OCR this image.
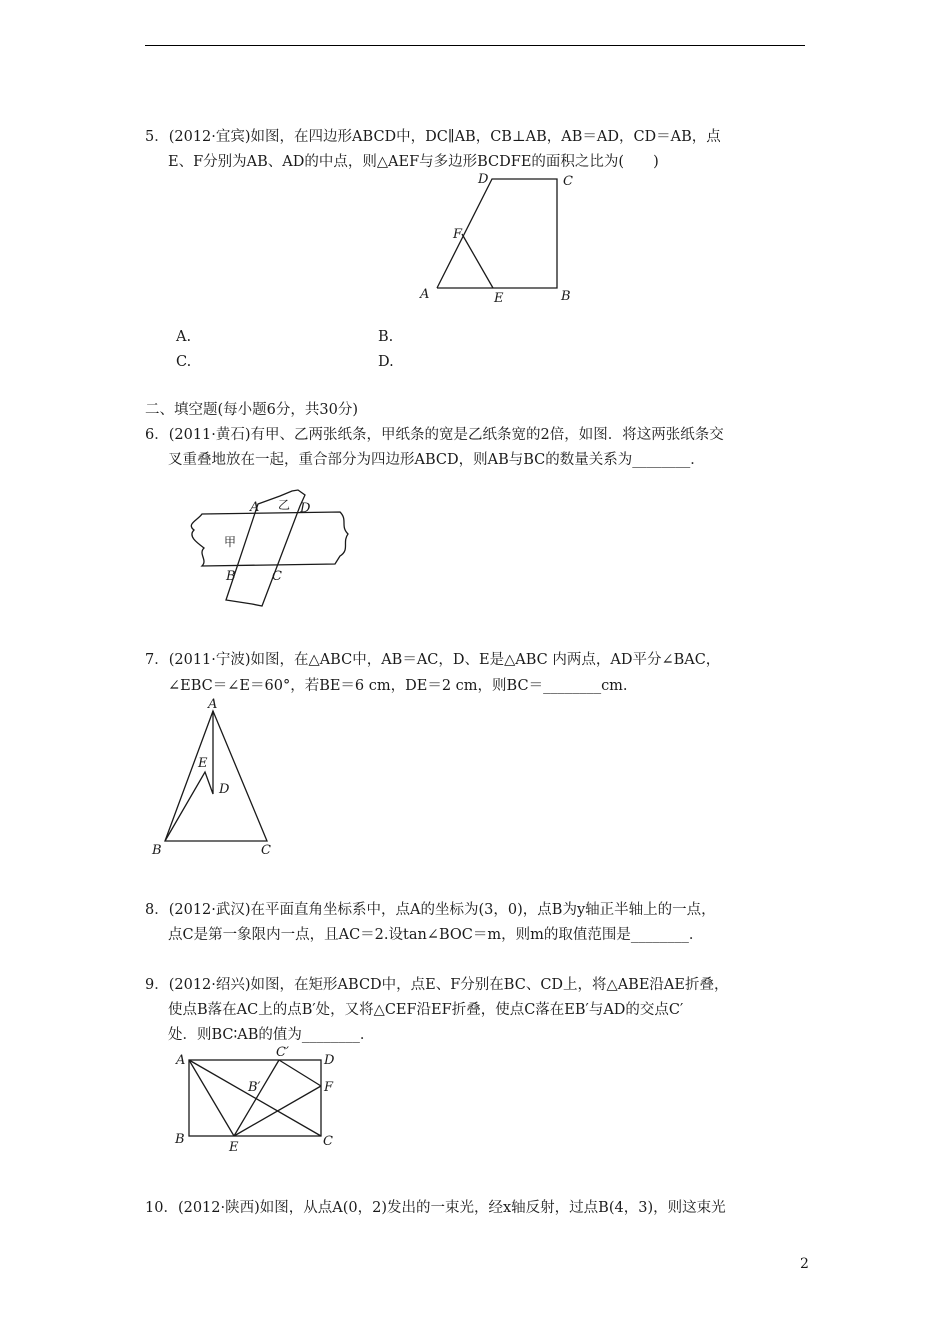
5．(2012·宜宾)如图，在四边形ABCD中，DC∥AB，CB⊥AB，AB＝AD，CD＝AB，点
E、F分别为AB、AD的中点，则△AEF与多边形BCDFE的面积之比为(　　)
A	B
C
D
E
F
A.	B.
C.	D.
二、填空题(每小题6分，共30分)
6．(2011·黄石)有甲、乙两张纸条，甲纸条的宽是乙纸条宽的2倍，如图．将这两张纸条交
叉重叠地放在一起，重合部分为四边形ABCD，则AB与BC的数量关系为________．
A 乙 D
甲
B	C
7．(2011·宁波)如图，在△ABC中，AB＝AC，D、E是△ABC 内两点，AD平分∠BAC，
∠EBC＝∠E＝60°，若BE＝6 cm，DE＝2 cm，则BC＝________cm.
A
E
D
B	C
8．(2012·武汉)在平面直角坐标系中，点A的坐标为(3，0)，点B为y轴正半轴上的一点，
点C是第一象限内一点，且AC＝2.设tan∠BOC＝m，则m的取值范围是________．
9．(2012·绍兴)如图，在矩形ABCD中，点E、F分别在BC、CD上，将△ABE沿AE折叠，
使点B落在AC上的点B′处，又将△CEF沿EF折叠，使点C落在EB′与AD的交点C′
处．则BC∶AB的值为________．
A
C′
D
B′	F
B
E	C
10．(2012·陕西)如图，从点A(0，2)发出的一束光，经x轴反射，过点B(4，3)，则这束光
2
